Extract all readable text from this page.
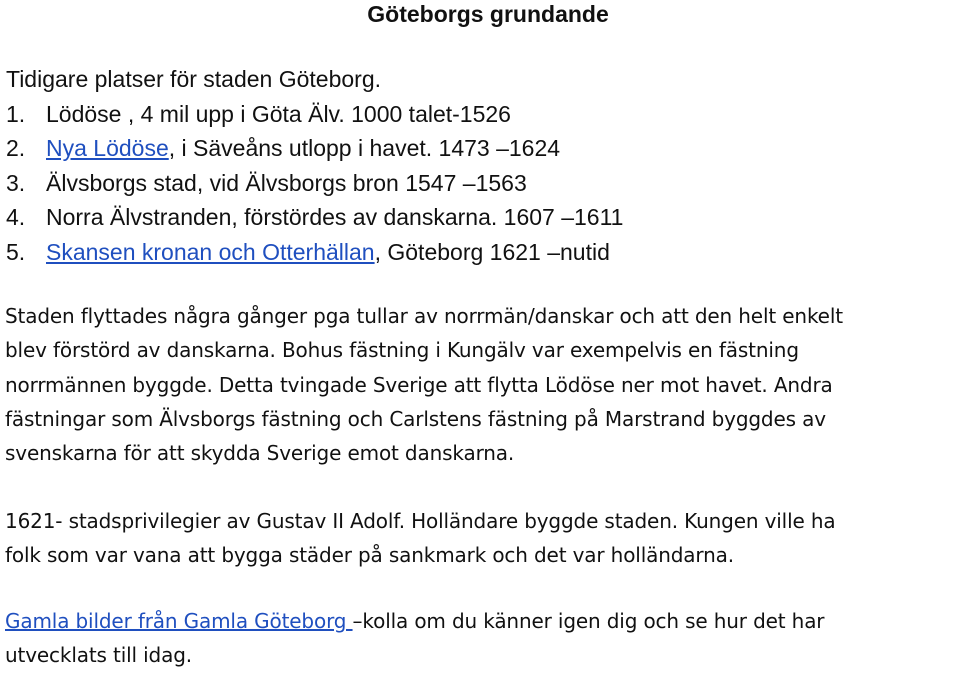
Göteborgs grundande
Tidigare platser för staden Göteborg.
1. Lödöse , 4 mil upp i Göta Älv. 1000 talet-1526
2. Nya Lödöse, i Säveåns utlopp i havet. 1473 –1624
3. Älvsborgs stad, vid Älvsborgs bron 1547 –1563
4. Norra Älvstranden, förstördes av danskarna. 1607 –1611
5. Skansen kronan och Otterhällan, Göteborg 1621 –nutid
Staden flyttades några gånger pga tullar av norrmän/danskar och att den helt enkelt
blev förstörd av danskarna. Bohus fästning i Kungälv var exempelvis en fästning
norrmännen byggde. Detta tvingade Sverige att flytta Lödöse ner mot havet. Andra
fästningar som Älvsborgs fästning och Carlstens fästning på Marstrand byggdes av
svenskarna för att skydda Sverige emot danskarna.
1621- stadsprivilegier av Gustav II Adolf. Holländare byggde staden. Kungen ville ha
folk som var vana att bygga städer på sankmark och det var holländarna.
Gamla bilder från Gamla Göteborg –kolla om du känner igen dig och se hur det har
utvecklats till idag.
